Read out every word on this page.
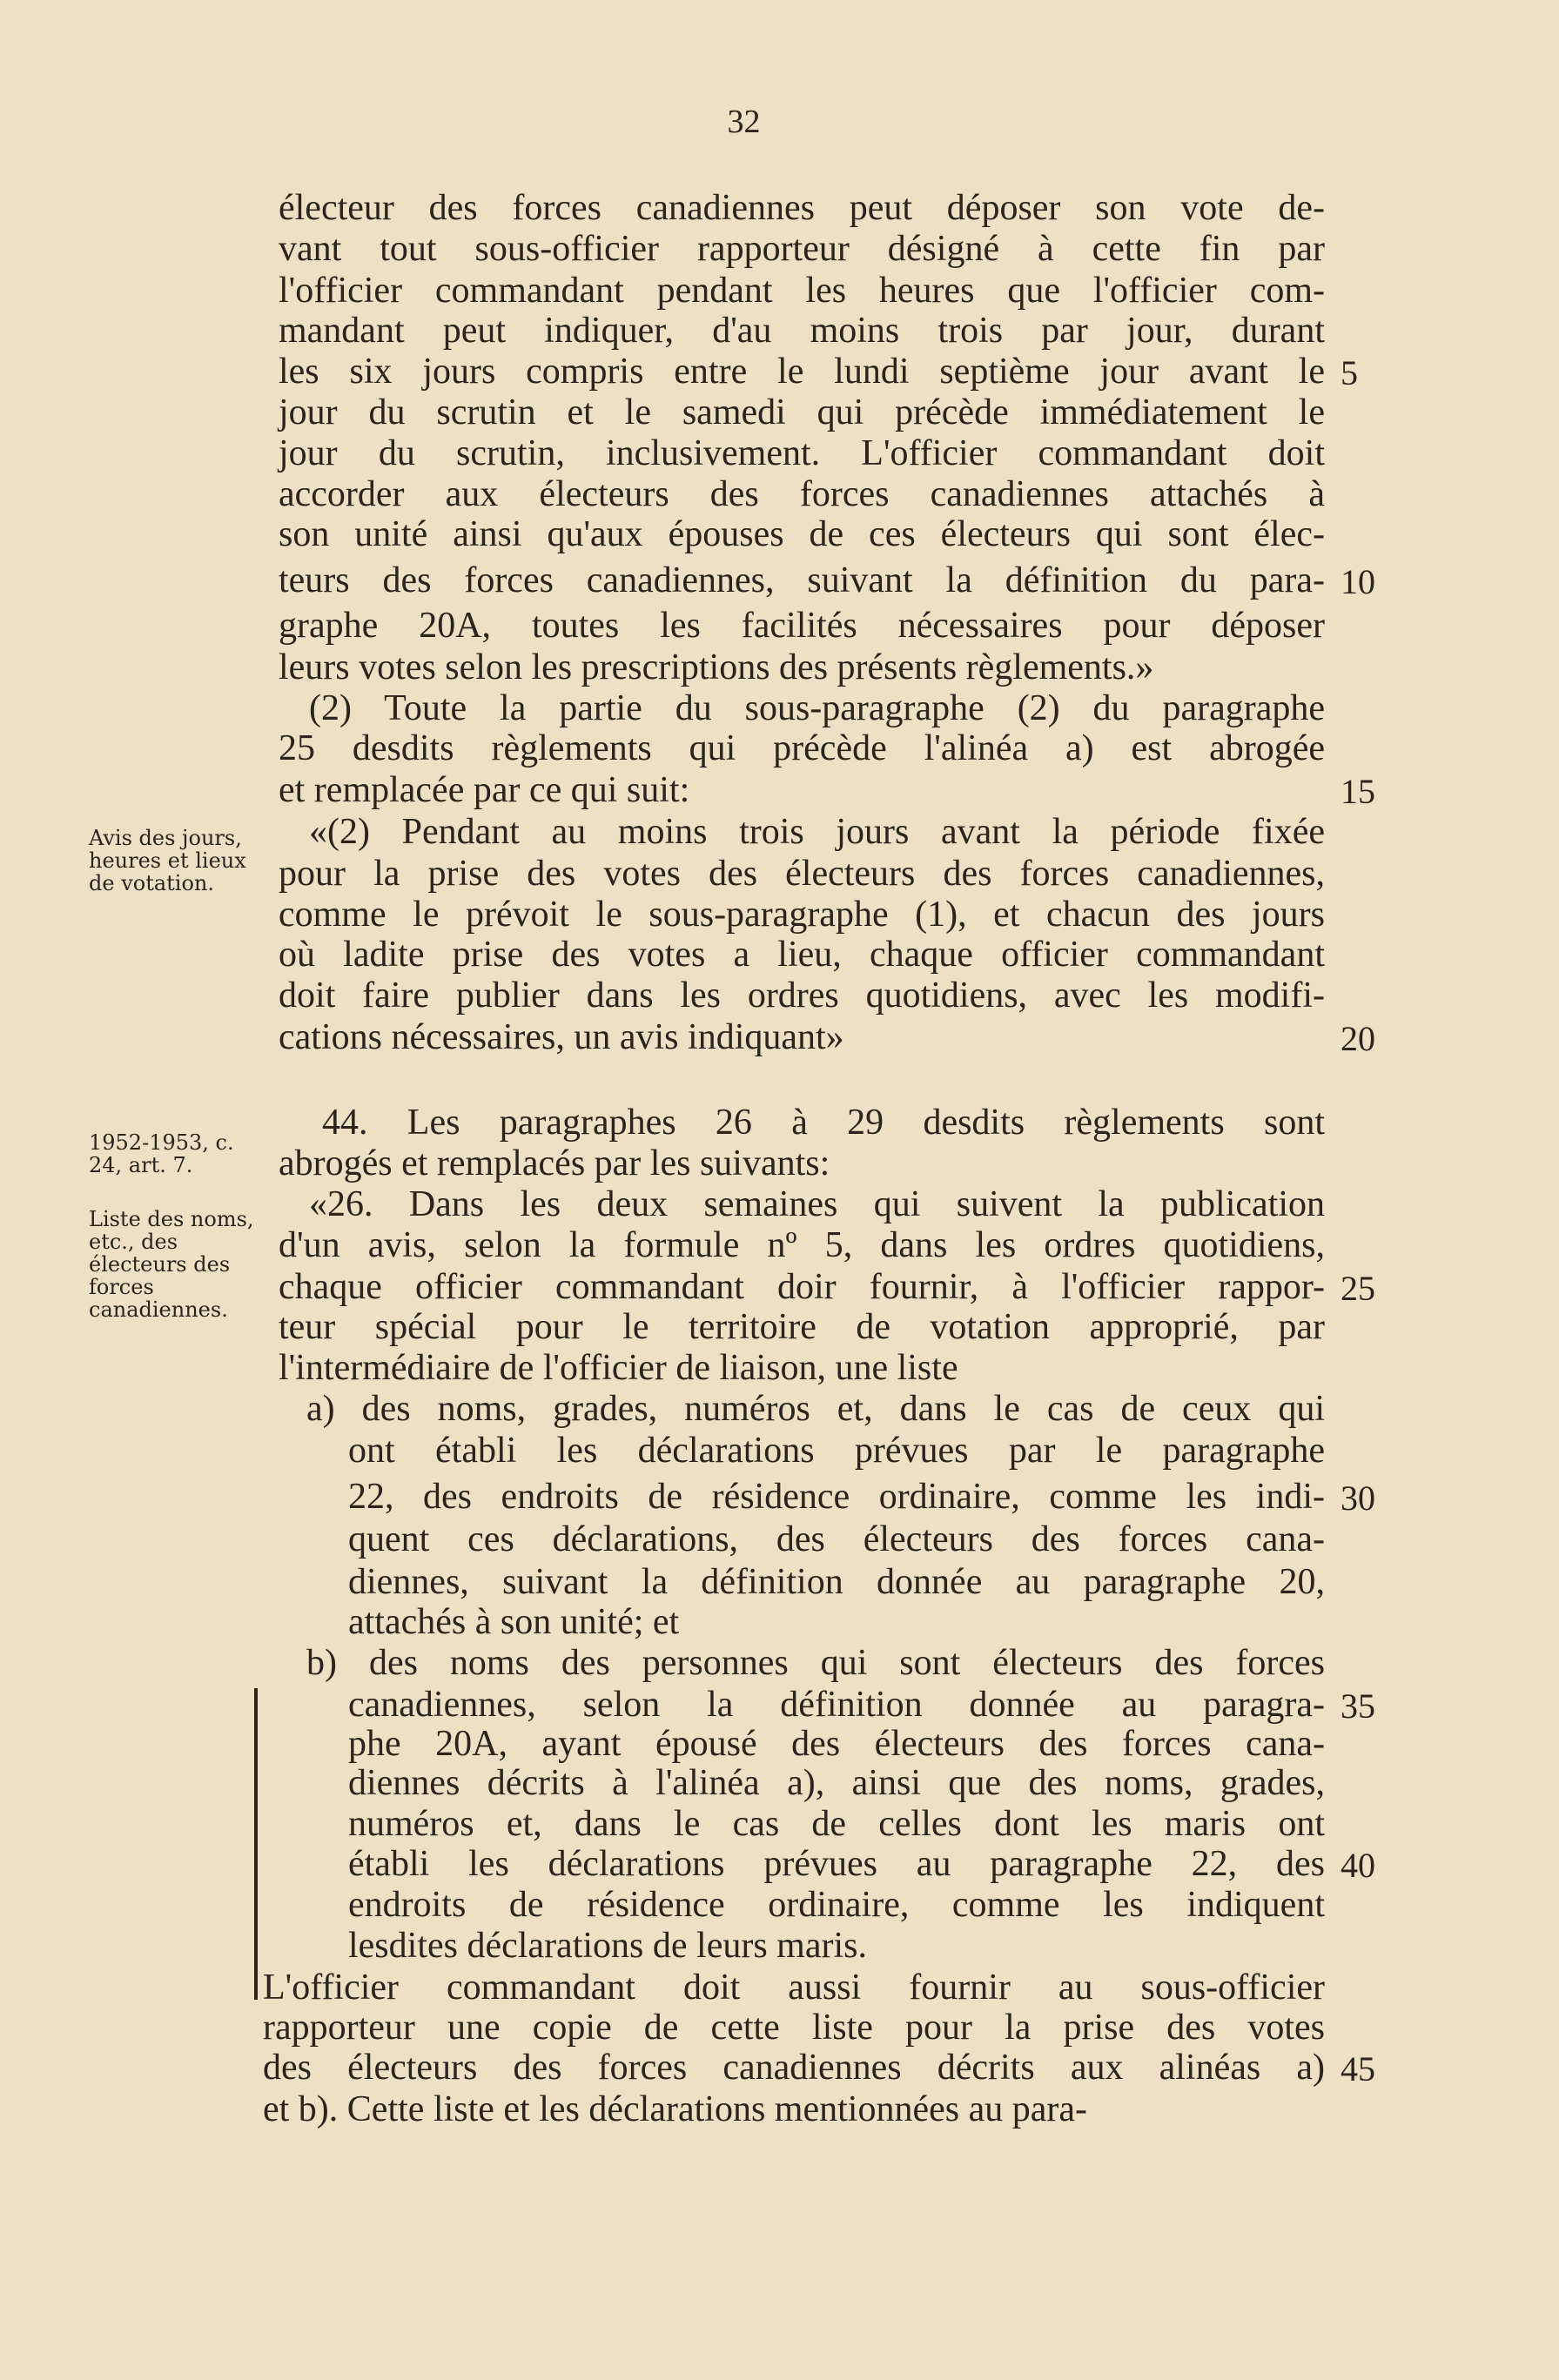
32
Avis des jours, heures et lieux de votation.
1952-1953, c. 24, art. 7.
Liste des noms, etc., des électeurs des forces canadiennes.
électeur des forces canadiennes peut déposer son vote de-
vant tout sous-officier rapporteur désigné à cette fin par
l'officier commandant pendant les heures que l'officier com-
mandant peut indiquer, d'au moins trois par jour, durant
les six jours compris entre le lundi septième jour avant le
jour du scrutin et le samedi qui précède immédiatement le
jour du scrutin, inclusivement. L'officier commandant doit
accorder aux électeurs des forces canadiennes attachés à
son unité ainsi qu'aux épouses de ces électeurs qui sont élec-
teurs des forces canadiennes, suivant la définition du para-
graphe 20A, toutes les facilités nécessaires pour déposer
leurs votes selon les prescriptions des présents règlements.»
(2) Toute la partie du sous-paragraphe (2) du paragraphe
25 desdits règlements qui précède l'alinéa a) est abrogée
et remplacée par ce qui suit:
«(2) Pendant au moins trois jours avant la période fixée
pour la prise des votes des électeurs des forces canadiennes,
comme le prévoit le sous-paragraphe (1), et chacun des jours
où ladite prise des votes a lieu, chaque officier commandant
doit faire publier dans les ordres quotidiens, avec les modifi-
cations nécessaires, un avis indiquant»
44. Les paragraphes 26 à 29 desdits règlements sont
abrogés et remplacés par les suivants:
«26. Dans les deux semaines qui suivent la publication
d'un avis, selon la formule nº 5, dans les ordres quotidiens,
chaque officier commandant doir fournir, à l'officier rappor-
teur spécial pour le territoire de votation approprié, par
l'intermédiaire de l'officier de liaison, une liste
a) des noms, grades, numéros et, dans le cas de ceux qui
ont établi les déclarations prévues par le paragraphe
22, des endroits de résidence ordinaire, comme les indi-
quent ces déclarations, des électeurs des forces cana-
diennes, suivant la définition donnée au paragraphe 20,
attachés à son unité; et
b) des noms des personnes qui sont électeurs des forces
canadiennes, selon la définition donnée au paragra-
phe 20A, ayant épousé des électeurs des forces cana-
diennes décrits à l'alinéa a), ainsi que des noms, grades,
numéros et, dans le cas de celles dont les maris ont
établi les déclarations prévues au paragraphe 22, des
endroits de résidence ordinaire, comme les indiquent
lesdites déclarations de leurs maris.
L'officier commandant doit aussi fournir au sous-officier
rapporteur une copie de cette liste pour la prise des votes
des électeurs des forces canadiennes décrits aux alinéas a)
et b). Cette liste et les déclarations mentionnées au para-
5
10
15
20
25
30
35
40
45
